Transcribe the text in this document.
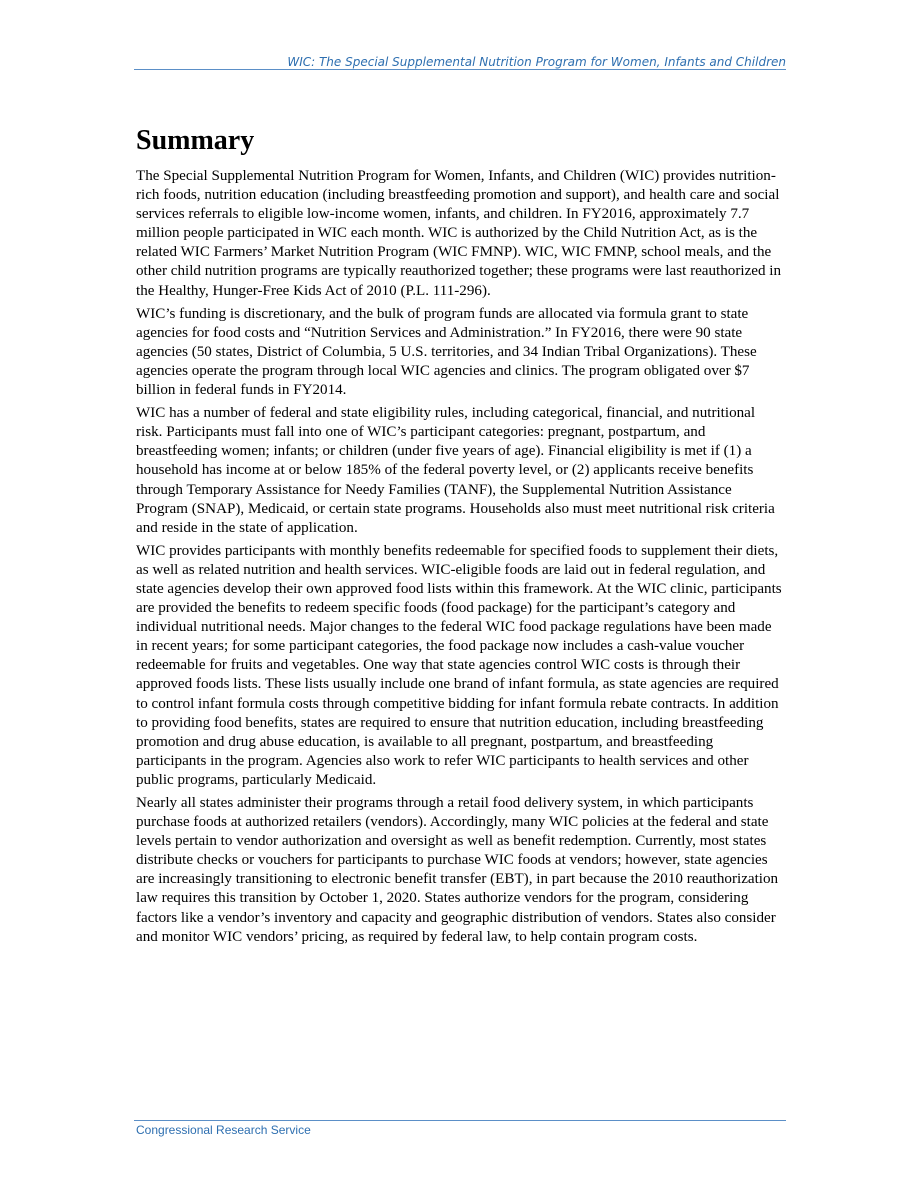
WIC: The Special Supplemental Nutrition Program for Women, Infants and Children
Summary

The Special Supplemental Nutrition Program for Women, Infants, and Children (WIC) provides nutrition-rich foods, nutrition education (including breastfeeding promotion and support), and health care and social services referrals to eligible low-income women, infants, and children. In FY2016, approximately 7.7 million people participated in WIC each month. WIC is authorized by the Child Nutrition Act, as is the related WIC Farmers’ Market Nutrition Program (WIC FMNP). WIC, WIC FMNP, school meals, and the other child nutrition programs are typically reauthorized together; these programs were last reauthorized in the Healthy, Hunger-Free Kids Act of 2010 (P.L. 111-296).

WIC’s funding is discretionary, and the bulk of program funds are allocated via formula grant to state agencies for food costs and “Nutrition Services and Administration.” In FY2016, there were 90 state agencies (50 states, District of Columbia, 5 U.S. territories, and 34 Indian Tribal Organizations). These agencies operate the program through local WIC agencies and clinics. The program obligated over $7 billion in federal funds in FY2014.

WIC has a number of federal and state eligibility rules, including categorical, financial, and nutritional risk. Participants must fall into one of WIC’s participant categories: pregnant, postpartum, and breastfeeding women; infants; or children (under five years of age). Financial eligibility is met if (1) a household has income at or below 185% of the federal poverty level, or (2) applicants receive benefits through Temporary Assistance for Needy Families (TANF), the Supplemental Nutrition Assistance Program (SNAP), Medicaid, or certain state programs. Households also must meet nutritional risk criteria and reside in the state of application.

WIC provides participants with monthly benefits redeemable for specified foods to supplement their diets, as well as related nutrition and health services. WIC-eligible foods are laid out in federal regulation, and state agencies develop their own approved food lists within this framework. At the WIC clinic, participants are provided the benefits to redeem specific foods (food package) for the participant’s category and individual nutritional needs. Major changes to the federal WIC food package regulations have been made in recent years; for some participant categories, the food package now includes a cash-value voucher redeemable for fruits and vegetables. One way that state agencies control WIC costs is through their approved foods lists. These lists usually include one brand of infant formula, as state agencies are required to control infant formula costs through competitive bidding for infant formula rebate contracts. In addition to providing food benefits, states are required to ensure that nutrition education, including breastfeeding promotion and drug abuse education, is available to all pregnant, postpartum, and breastfeeding participants in the program. Agencies also work to refer WIC participants to health services and other public programs, particularly Medicaid.

Nearly all states administer their programs through a retail food delivery system, in which participants purchase foods at authorized retailers (vendors). Accordingly, many WIC policies at the federal and state levels pertain to vendor authorization and oversight as well as benefit redemption. Currently, most states distribute checks or vouchers for participants to purchase WIC foods at vendors; however, state agencies are increasingly transitioning to electronic benefit transfer (EBT), in part because the 2010 reauthorization law requires this transition by October 1, 2020. States authorize vendors for the program, considering factors like a vendor’s inventory and capacity and geographic distribution of vendors. States also consider and monitor WIC vendors’ pricing, as required by federal law, to help contain program costs.

Congressional Research Service
